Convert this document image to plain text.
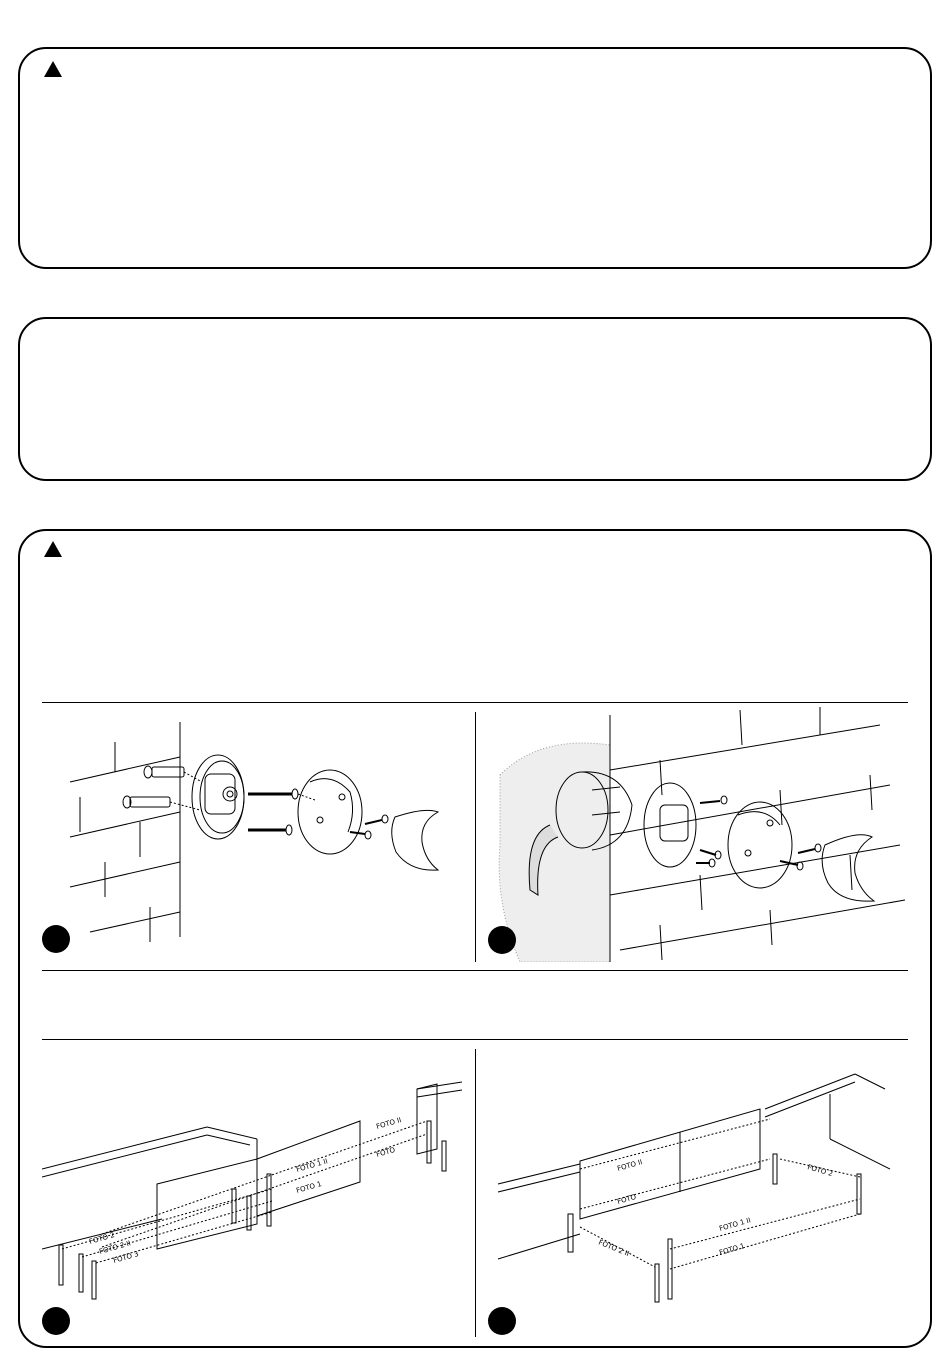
FOTO II
FOTO
FOTO 1 II
FOTO 1
FOTO 2
FOTO 2 II
FOTO 3
FOTO II
FOTO
FOTO 2
FOTO 1 II
FOTO 1
FOTO 2 II
